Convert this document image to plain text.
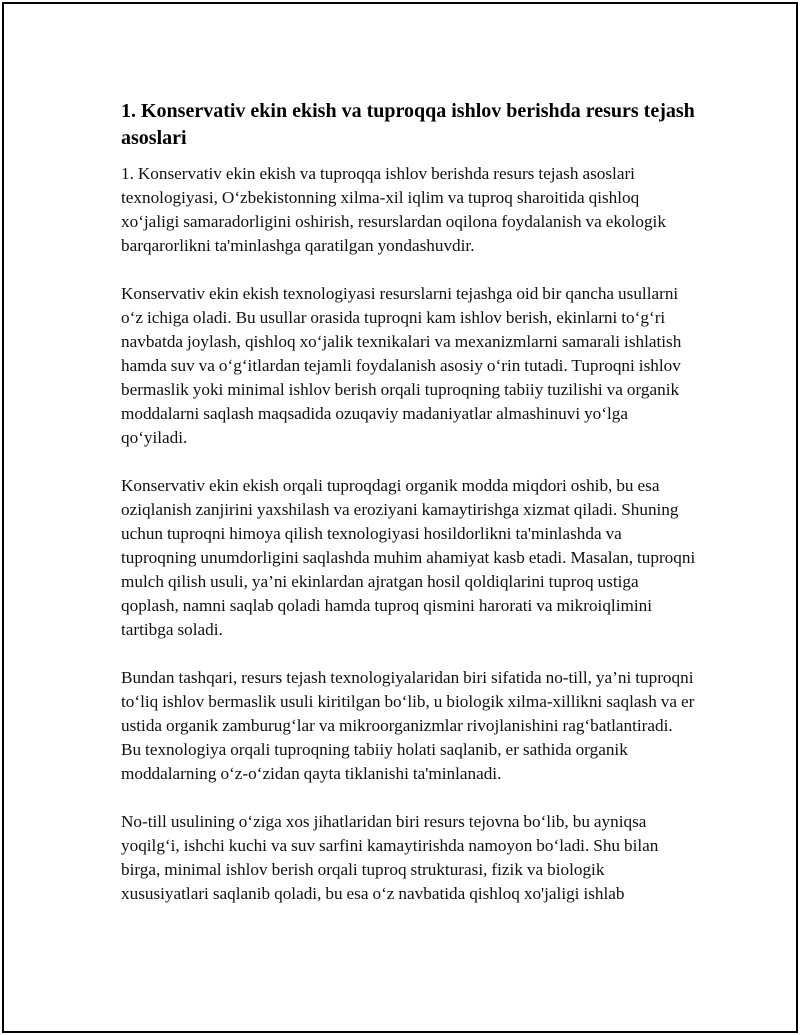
1. Konservativ ekin ekish va tuproqqa ishlov berishda resurs tejash asoslari

1. Konservativ ekin ekish va tuproqqa ishlov berishda resurs tejash asoslari texnologiyasi, O‘zbekistonning xilma-xil iqlim va tuproq sharoitida qishloq xo‘jaligi samaradorligini oshirish, resurslardan oqilona foydalanish va ekologik barqarorlikni ta'minlashga qaratilgan yondashuvdir.

Konservativ ekin ekish texnologiyasi resurslarni tejashga oid bir qancha usullarni o‘z ichiga oladi. Bu usullar orasida tuproqni kam ishlov berish, ekinlarni to‘g‘ri navbatda joylash, qishloq xo‘jalik texnikalari va mexanizmlarni samarali ishlatish hamda suv va o‘g‘itlardan tejamli foydalanish asosiy o‘rin tutadi. Tuproqni ishlov bermaslik yoki minimal ishlov berish orqali tuproqning tabiiy tuzilishi va organik moddalarni saqlash maqsadida ozuqaviy madaniyatlar almashinuvi yo‘lga qo‘yiladi.

Konservativ ekin ekish orqali tuproqdagi organik modda miqdori oshib, bu esa oziqlanish zanjirini yaxshilash va eroziyani kamaytirishga xizmat qiladi. Shuning uchun tuproqni himoya qilish texnologiyasi hosildorlikni ta'minlashda va tuproqning unumdorligini saqlashda muhim ahamiyat kasb etadi. Masalan, tuproqni mulch qilish usuli, ya’ni ekinlardan ajratgan hosil qoldiqlarini tuproq ustiga qoplash, namni saqlab qoladi hamda tuproq qismini harorati va mikroiqlimini tartibga soladi.

Bundan tashqari, resurs tejash texnologiyalaridan biri sifatida no-till, ya’ni tuproqni to‘liq ishlov bermaslik usuli kiritilgan bo‘lib, u biologik xilma-xillikni saqlash va er ustida organik zamburug‘lar va mikroorganizmlar rivojlanishini rag‘batlantiradi. Bu texnologiya orqali tuproqning tabiiy holati saqlanib, er sathida organik moddalarning o‘z-o‘zidan qayta tiklanishi ta'minlanadi.

No-till usulining o‘ziga xos jihatlaridan biri resurs tejovna bo‘lib, bu ayniqsa yoqilg‘i, ishchi kuchi va suv sarfini kamaytirishda namoyon bo‘ladi. Shu bilan birga, minimal ishlov berish orqali tuproq strukturasi, fizik va biologik xususiyatlari saqlanib qoladi, bu esa o‘z navbatida qishloq xo'jaligi ishlab
